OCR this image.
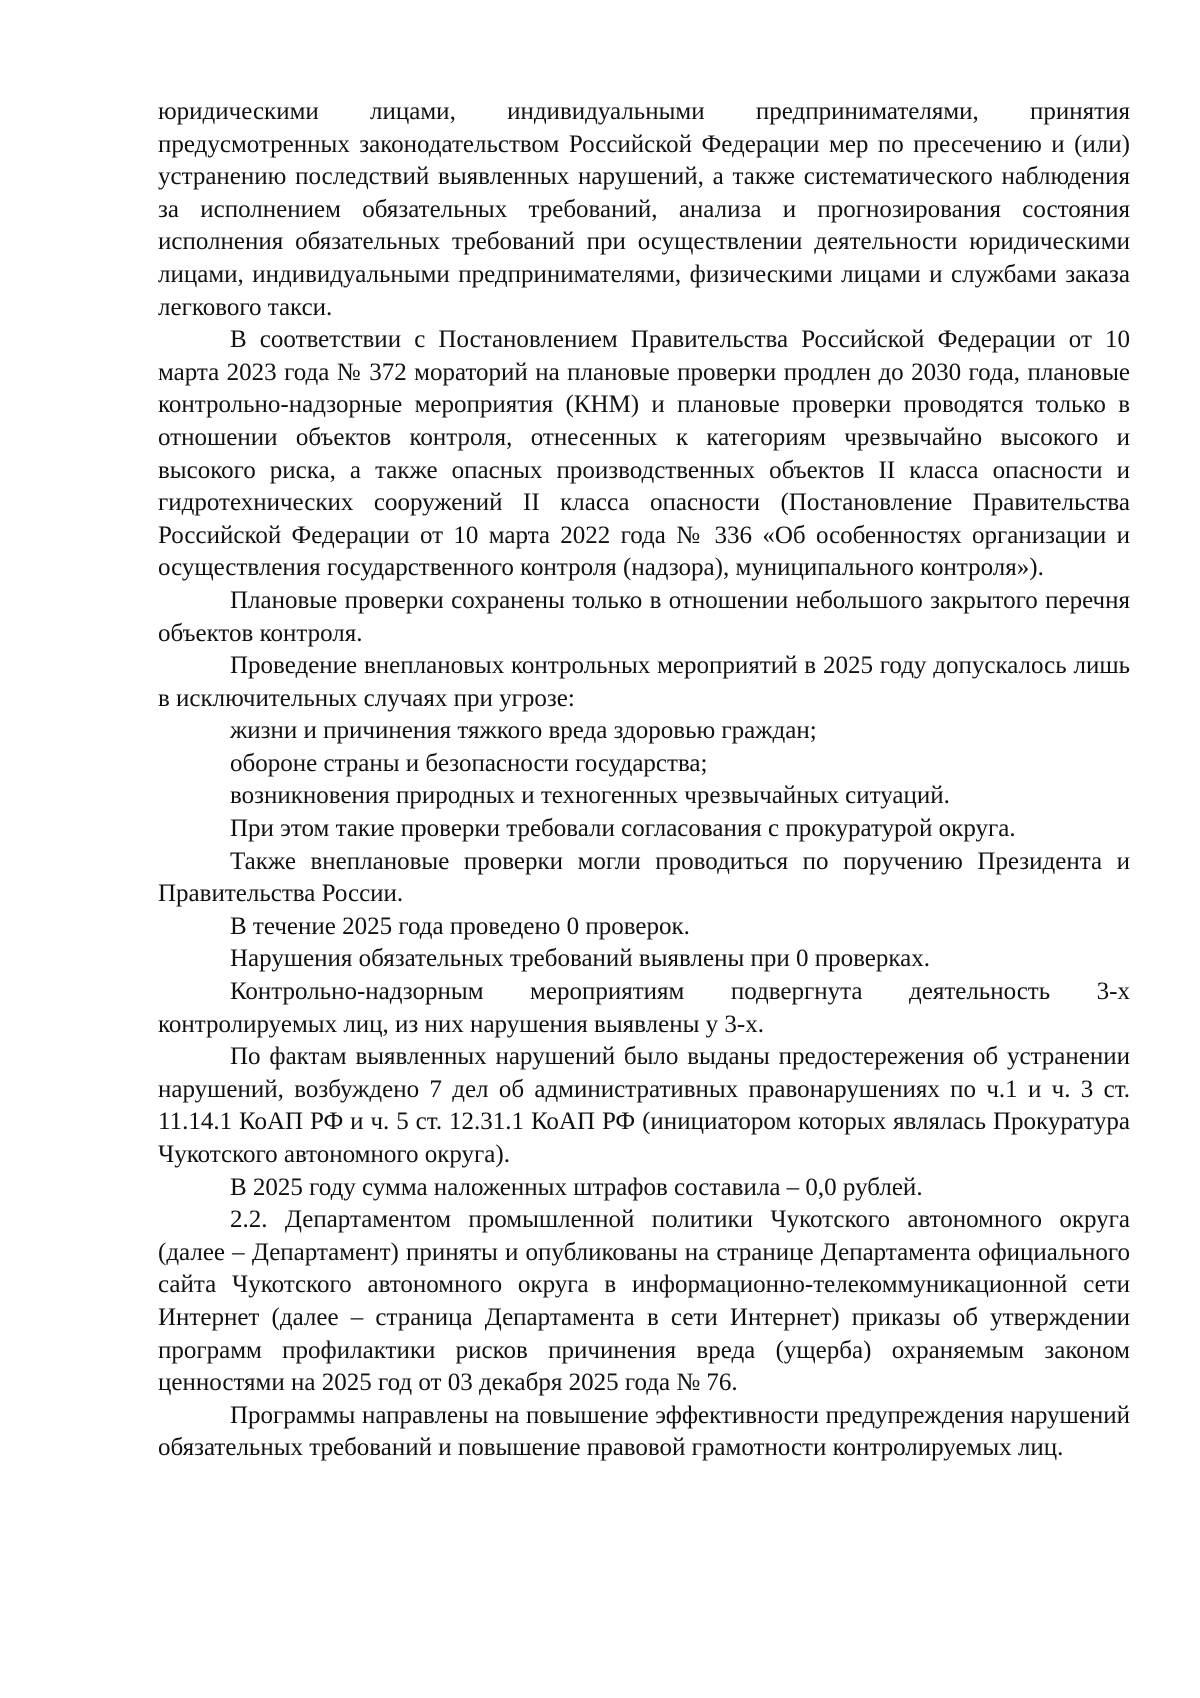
юридическими лицами, индивидуальными предпринимателями, принятия предусмотренных законодательством Российской Федерации мер по пресечению и (или) устранению последствий выявленных нарушений, а также систематического наблюдения за исполнением обязательных требований, анализа и прогнозирования состояния исполнения обязательных требований при осуществлении деятельности юридическими лицами, индивидуальными предпринимателями, физическими лицами и службами заказа легкового такси.

В соответствии с Постановлением Правительства Российской Федерации от 10 марта 2023 года № 372 мораторий на плановые проверки продлен до 2030 года, плановые контрольно-надзорные мероприятия (КНМ) и плановые проверки проводятся только в отношении объектов контроля, отнесенных к категориям чрезвычайно высокого и высокого риска, а также опасных производственных объектов II класса опасности и гидротехнических сооружений II класса опасности (Постановление Правительства Российской Федерации от 10 марта 2022 года № 336 «Об особенностях организации и осуществления государственного контроля (надзора), муниципального контроля»).

Плановые проверки сохранены только в отношении небольшого закрытого перечня объектов контроля.

Проведение внеплановых контрольных мероприятий в 2025 году допускалось лишь в исключительных случаях при угрозе:

жизни и причинения тяжкого вреда здоровью граждан;

обороне страны и безопасности государства;

возникновения природных и техногенных чрезвычайных ситуаций.

При этом такие проверки требовали согласования с прокуратурой округа.

Также внеплановые проверки могли проводиться по поручению Президента и Правительства России.

В течение 2025 года проведено 0 проверок.

Нарушения обязательных требований выявлены при 0 проверках.

Контрольно-надзорным мероприятиям подвергнута деятельность 3-х контролируемых лиц, из них нарушения выявлены у 3-х.

По фактам выявленных нарушений было выданы предостережения об устранении нарушений, возбуждено 7 дел об административных правонарушениях по ч.1 и ч. 3 ст. 11.14.1 КоАП РФ и ч. 5 ст. 12.31.1 КоАП РФ (инициатором которых являлась Прокуратура Чукотского автономного округа).

В 2025 году сумма наложенных штрафов составила – 0,0 рублей.

2.2. Департаментом промышленной политики Чукотского автономного округа (далее – Департамент) приняты и опубликованы на странице Департамента официального сайта Чукотского автономного округа в информационно-телекоммуникационной сети Интернет (далее – страница Департамента в сети Интернет) приказы об утверждении программ профилактики рисков причинения вреда (ущерба) охраняемым законом ценностями на 2025 год от 03 декабря 2025 года № 76.

Программы направлены на повышение эффективности предупреждения нарушений обязательных требований и повышение правовой грамотности контролируемых лиц.
